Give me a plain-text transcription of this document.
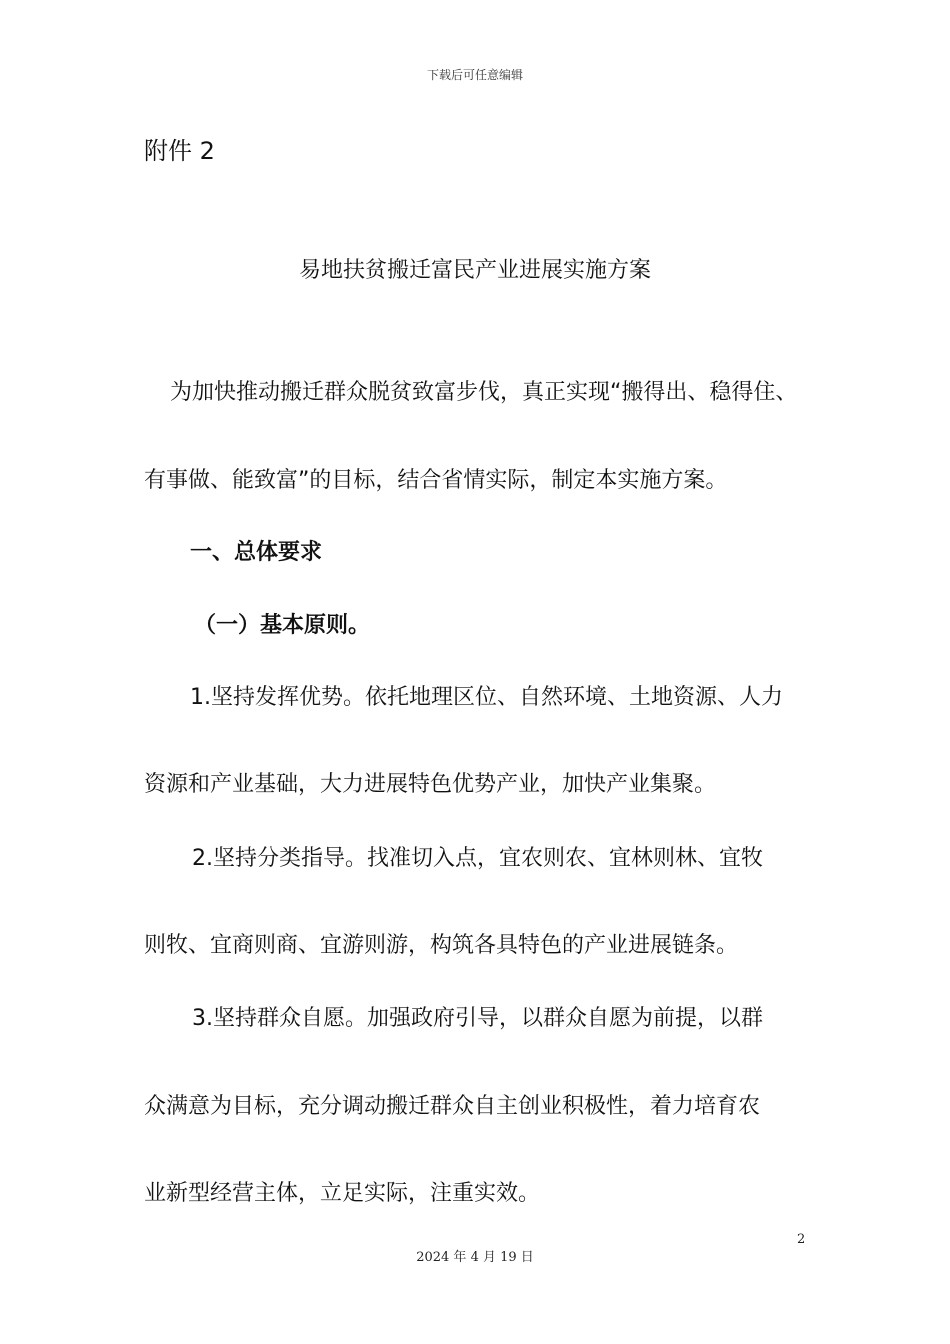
下载后可任意编辑
附件 2
易地扶贫搬迁富民产业进展实施方案
为加快推动搬迁群众脱贫致富步伐，真正实现“搬得出、稳得住、
有事做、能致富”的目标，结合省情实际，制定本实施方案。
一、总体要求
（一）基本原则。
1.坚持发挥优势。依托地理区位、自然环境、土地资源、人力
资源和产业基础，大力进展特色优势产业，加快产业集聚。
2.坚持分类指导。找准切入点，宜农则农、宜林则林、宜牧
则牧、宜商则商、宜游则游，构筑各具特色的产业进展链条。
3.坚持群众自愿。加强政府引导，以群众自愿为前提，以群
众满意为目标，充分调动搬迁群众自主创业积极性，着力培育农
业新型经营主体，立足实际，注重实效。
2
2024 年 4 月 19 日
